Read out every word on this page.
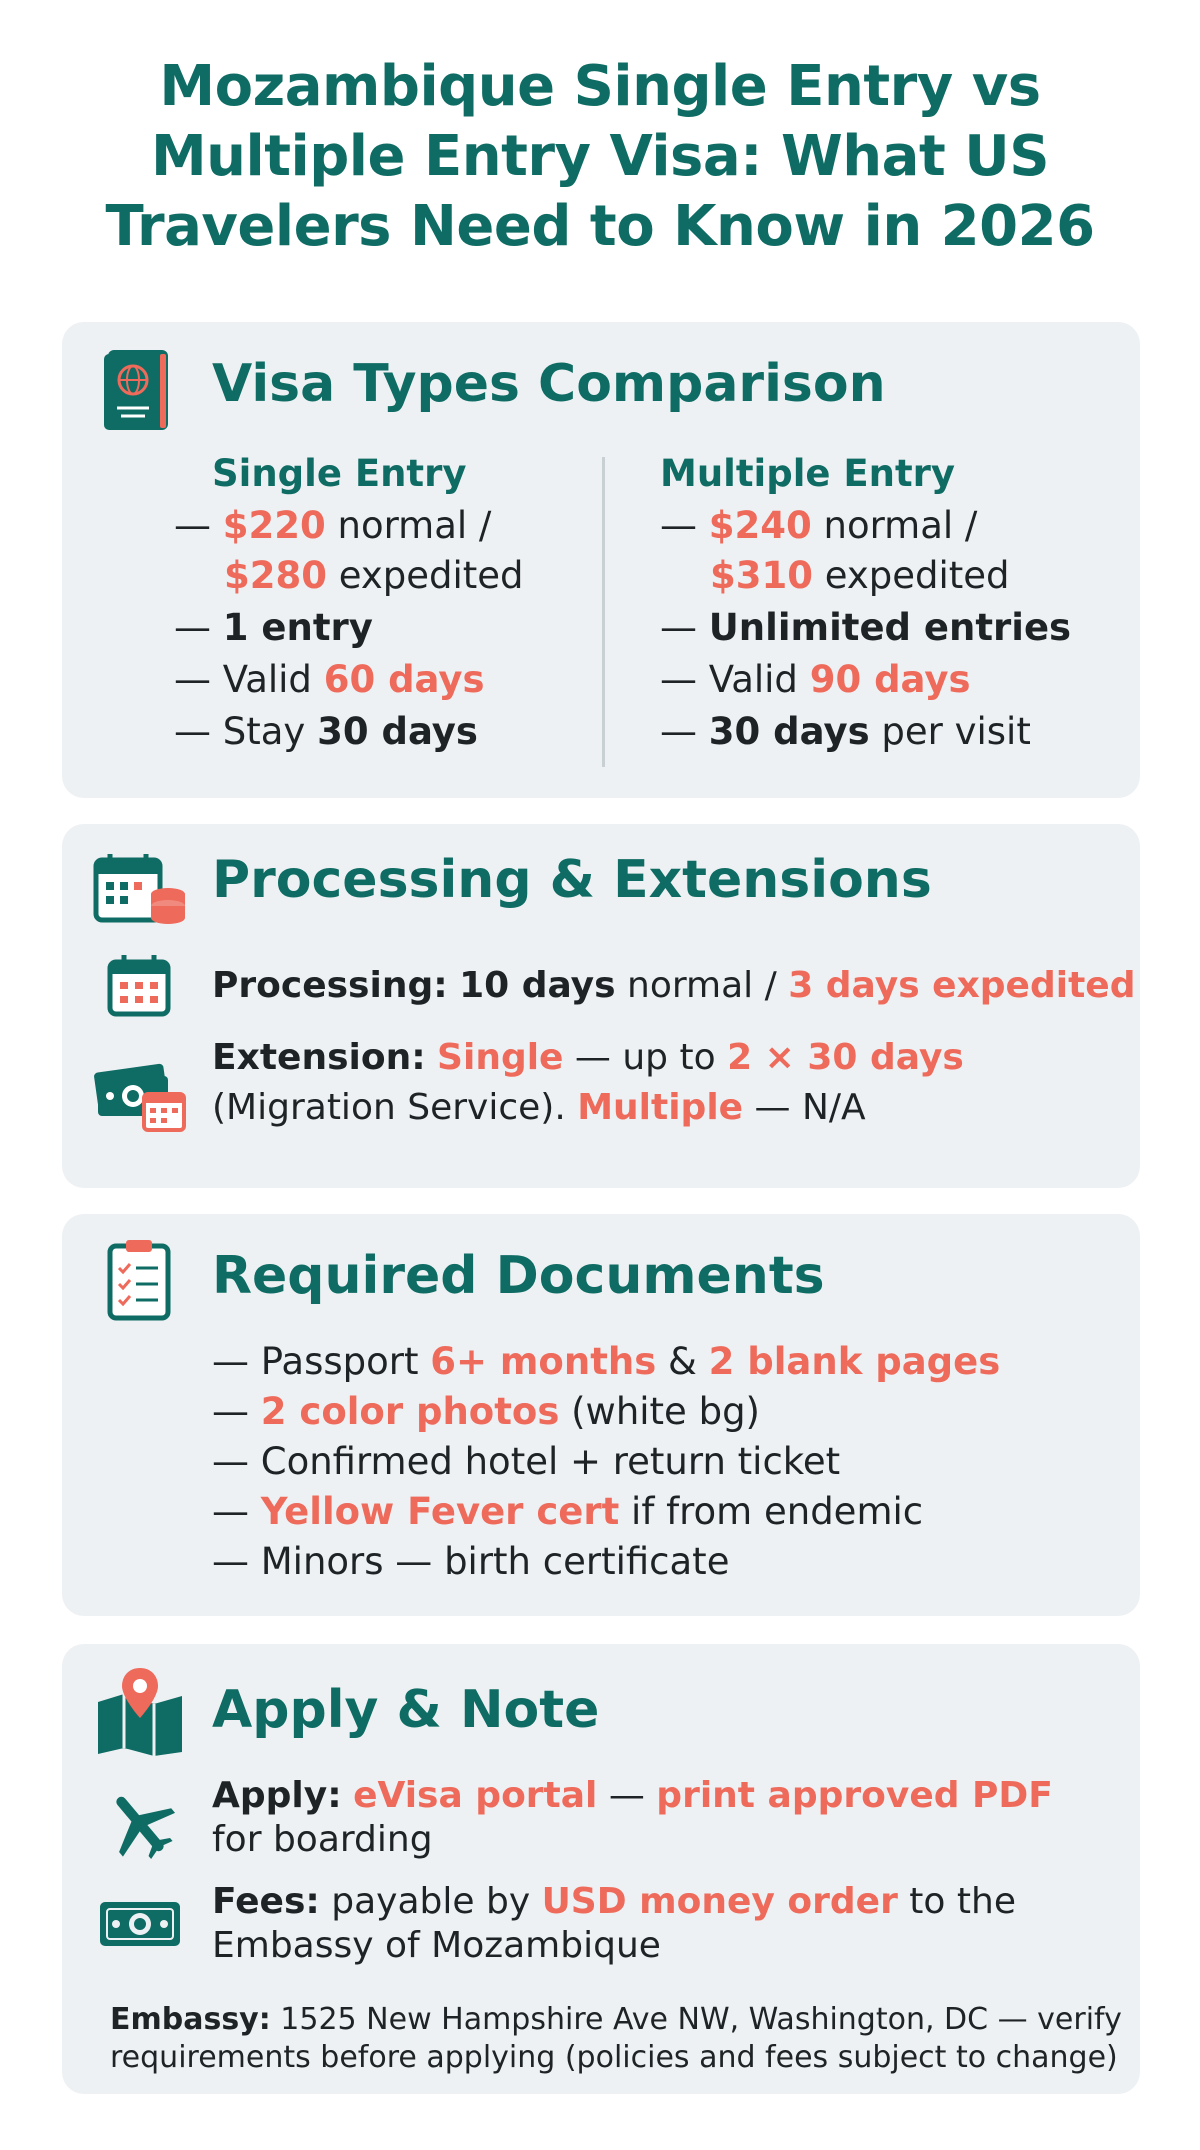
Mozambique Single Entry vs
Multiple Entry Visa: What US
Travelers Need to Know in 2026
Visa Types Comparison
Single Entry
— $220 normal /
$280 expedited
— 1 entry
— Valid 60 days
— Stay 30 days
Multiple Entry
— $240 normal /
$310 expedited
— Unlimited entries
— Valid 90 days
— 30 days per visit
Processing & Extensions
Processing: 10 days normal / 3 days expedited
Extension: Single — up to 2 × 30 days
(Migration Service). Multiple — N/A
Required Documents
— Passport 6+ months & 2 blank pages
— 2 color photos (white bg)
— Confirmed hotel + return ticket
— Yellow Fever cert if from endemic
— Minors — birth certificate
Apply & Note
Apply: eVisa portal — print approved PDF
for boarding
Fees: payable by USD money order to the
Embassy of Mozambique
Embassy: 1525 New Hampshire Ave NW, Washington, DC — verify
requirements before applying (policies and fees subject to change)
